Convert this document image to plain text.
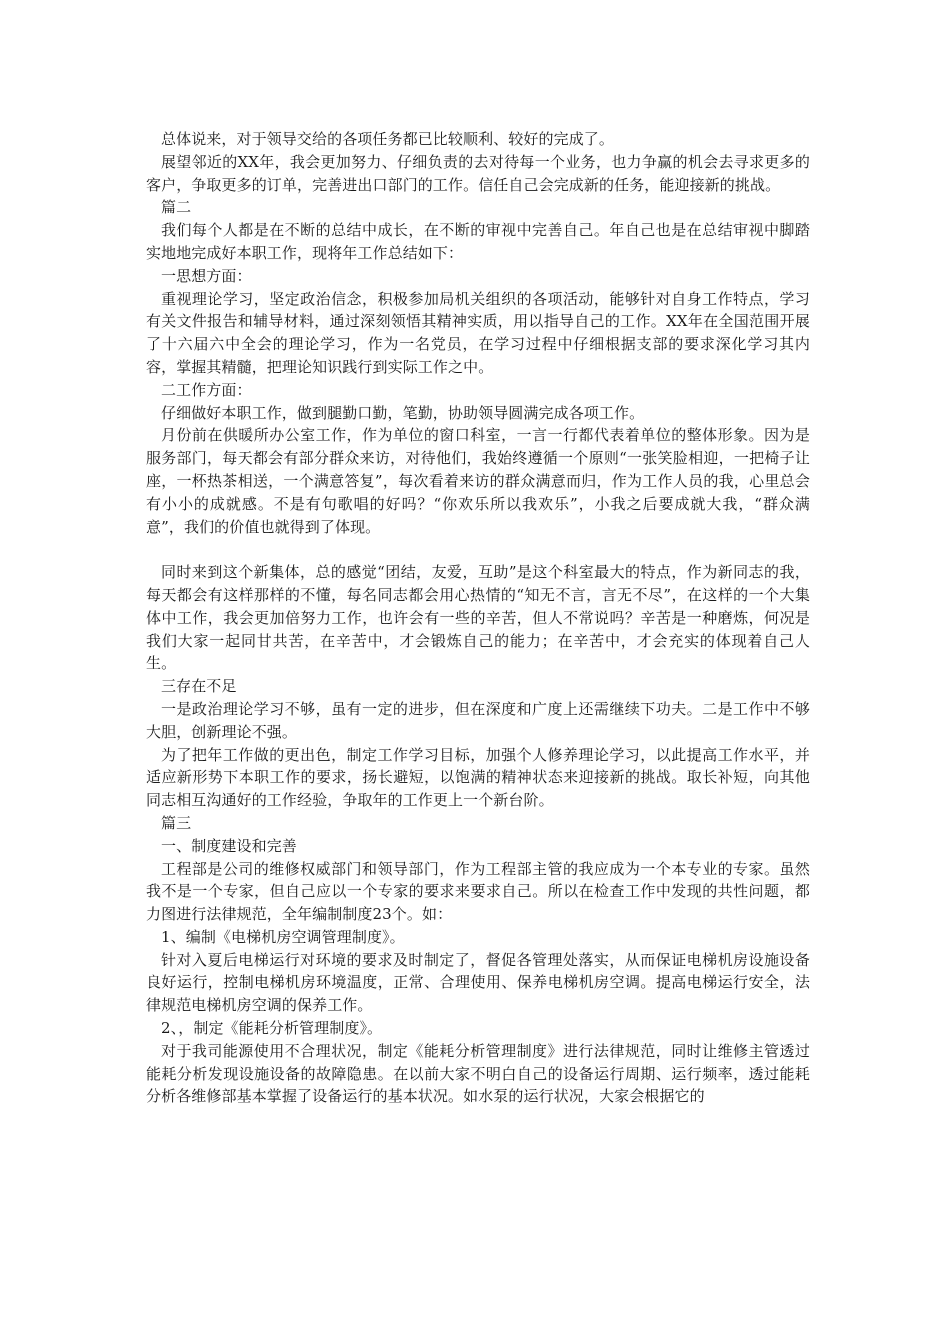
总体说来，对于领导交给的各项任务都已比较顺利、较好的完成了。

展望邻近的XX年，我会更加努力、仔细负责的去对待每一个业务，也力争赢的机会去寻求更多的客户，争取更多的订单，完善进出口部门的工作。信任自己会完成新的任务，能迎接新的挑战。

篇二

我们每个人都是在不断的总结中成长，在不断的审视中完善自己。年自己也是在总结审视中脚踏实地地完成好本职工作，现将年工作总结如下：

一思想方面：

重视理论学习，坚定政治信念，积极参加局机关组织的各项活动，能够针对自身工作特点，学习有关文件报告和辅导材料，通过深刻领悟其精神实质，用以指导自己的工作。XX年在全国范围开展了十六届六中全会的理论学习，作为一名党员，在学习过程中仔细根据支部的要求深化学习其内容，掌握其精髓，把理论知识践行到实际工作之中。

二工作方面：

仔细做好本职工作，做到腿勤口勤，笔勤，协助领导圆满完成各项工作。

月份前在供暖所办公室工作，作为单位的窗口科室，一言一行都代表着单位的整体形象。因为是服务部门，每天都会有部分群众来访，对待他们，我始终遵循一个原则“一张笑脸相迎，一把椅子让座，一杯热茶相送，一个满意答复”，每次看着来访的群众满意而归，作为工作人员的我，心里总会有小小的成就感。不是有句歌唱的好吗？“你欢乐所以我欢乐”，小我之后要成就大我，“群众满意”，我们的价值也就得到了体现。

同时来到这个新集体，总的感觉“团结，友爱，互助”是这个科室最大的特点，作为新同志的我，每天都会有这样那样的不懂，每名同志都会用心热情的“知无不言，言无不尽”，在这样的一个大集体中工作，我会更加倍努力工作，也许会有一些的辛苦，但人不常说吗？辛苦是一种磨炼，何况是我们大家一起同甘共苦，在辛苦中，才会锻炼自己的能力；在辛苦中，才会充实的体现着自己人生。

三存在不足

一是政治理论学习不够，虽有一定的进步，但在深度和广度上还需继续下功夫。二是工作中不够大胆，创新理论不强。

为了把年工作做的更出色，制定工作学习目标，加强个人修养理论学习，以此提高工作水平，并适应新形势下本职工作的要求，扬长避短，以饱满的精神状态来迎接新的挑战。取长补短，向其他同志相互沟通好的工作经验，争取年的工作更上一个新台阶。

篇三

一、制度建设和完善

工程部是公司的维修权威部门和领导部门，作为工程部主管的我应成为一个本专业的专家。虽然我不是一个专家，但自己应以一个专家的要求来要求自己。所以在检查工作中发现的共性问题，都力图进行法律规范，全年编制制度23个。如：

1、编制《电梯机房空调管理制度》。

针对入夏后电梯运行对环境的要求及时制定了，督促各管理处落实，从而保证电梯机房设施设备良好运行，控制电梯机房环境温度，正常、合理使用、保养电梯机房空调。提高电梯运行安全，法律规范电梯机房空调的保养工作。

2、，制定《能耗分析管理制度》。

对于我司能源使用不合理状况，制定《能耗分析管理制度》进行法律规范，同时让维修主管透过能耗分析发现设施设备的故障隐患。在以前大家不明白自己的设备运行周期、运行频率，透过能耗分析各维修部基本掌握了设备运行的基本状况。如水泵的运行状况，大家会根据它的
